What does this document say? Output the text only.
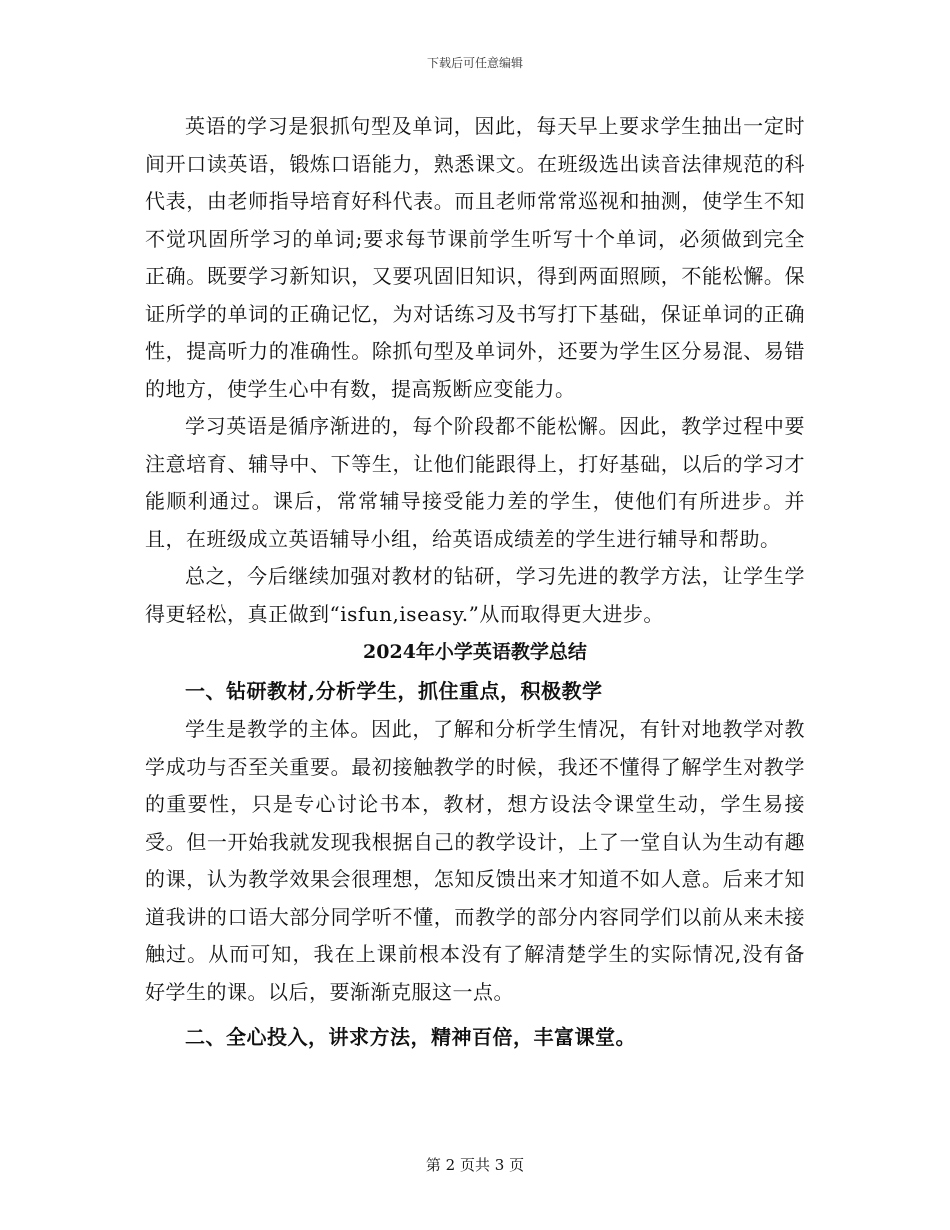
下载后可任意编辑

英语的学习是狠抓句型及单词，因此，每天早上要求学生抽出一定时间开口读英语，锻炼口语能力，熟悉课文。在班级选出读音法律规范的科代表，由老师指导培育好科代表。而且老师常常巡视和抽测，使学生不知不觉巩固所学习的单词;要求每节课前学生听写十个单词，必须做到完全正确。既要学习新知识，又要巩固旧知识，得到两面照顾，不能松懈。保证所学的单词的正确记忆，为对话练习及书写打下基础，保证单词的正确性，提高听力的准确性。除抓句型及单词外，还要为学生区分易混、易错的地方，使学生心中有数，提高叛断应变能力。

学习英语是循序渐进的，每个阶段都不能松懈。因此，教学过程中要注意培育、辅导中、下等生，让他们能跟得上，打好基础，以后的学习才能顺利通过。课后，常常辅导接受能力差的学生，使他们有所进步。并且，在班级成立英语辅导小组，给英语成绩差的学生进行辅导和帮助。

总之，今后继续加强对教材的钻研，学习先进的教学方法，让学生学得更轻松，真正做到“isfun,iseasy.”从而取得更大进步。

2024年小学英语教学总结
一、钻研教材,分析学生，抓住重点，积极教学

学生是教学的主体。因此，了解和分析学生情况，有针对地教学对教学成功与否至关重要。最初接触教学的时候，我还不懂得了解学生对教学的重要性，只是专心讨论书本，教材，想方设法令课堂生动，学生易接受。但一开始我就发现我根据自己的教学设计，上了一堂自认为生动有趣的课，认为教学效果会很理想，怎知反馈出来才知道不如人意。后来才知道我讲的口语大部分同学听不懂，而教学的部分内容同学们以前从来未接触过。从而可知，我在上课前根本没有了解清楚学生的实际情况,没有备好学生的课。以后，要渐渐克服这一点。

二、全心投入，讲求方法，精神百倍，丰富课堂。
第 2 页共 3 页
